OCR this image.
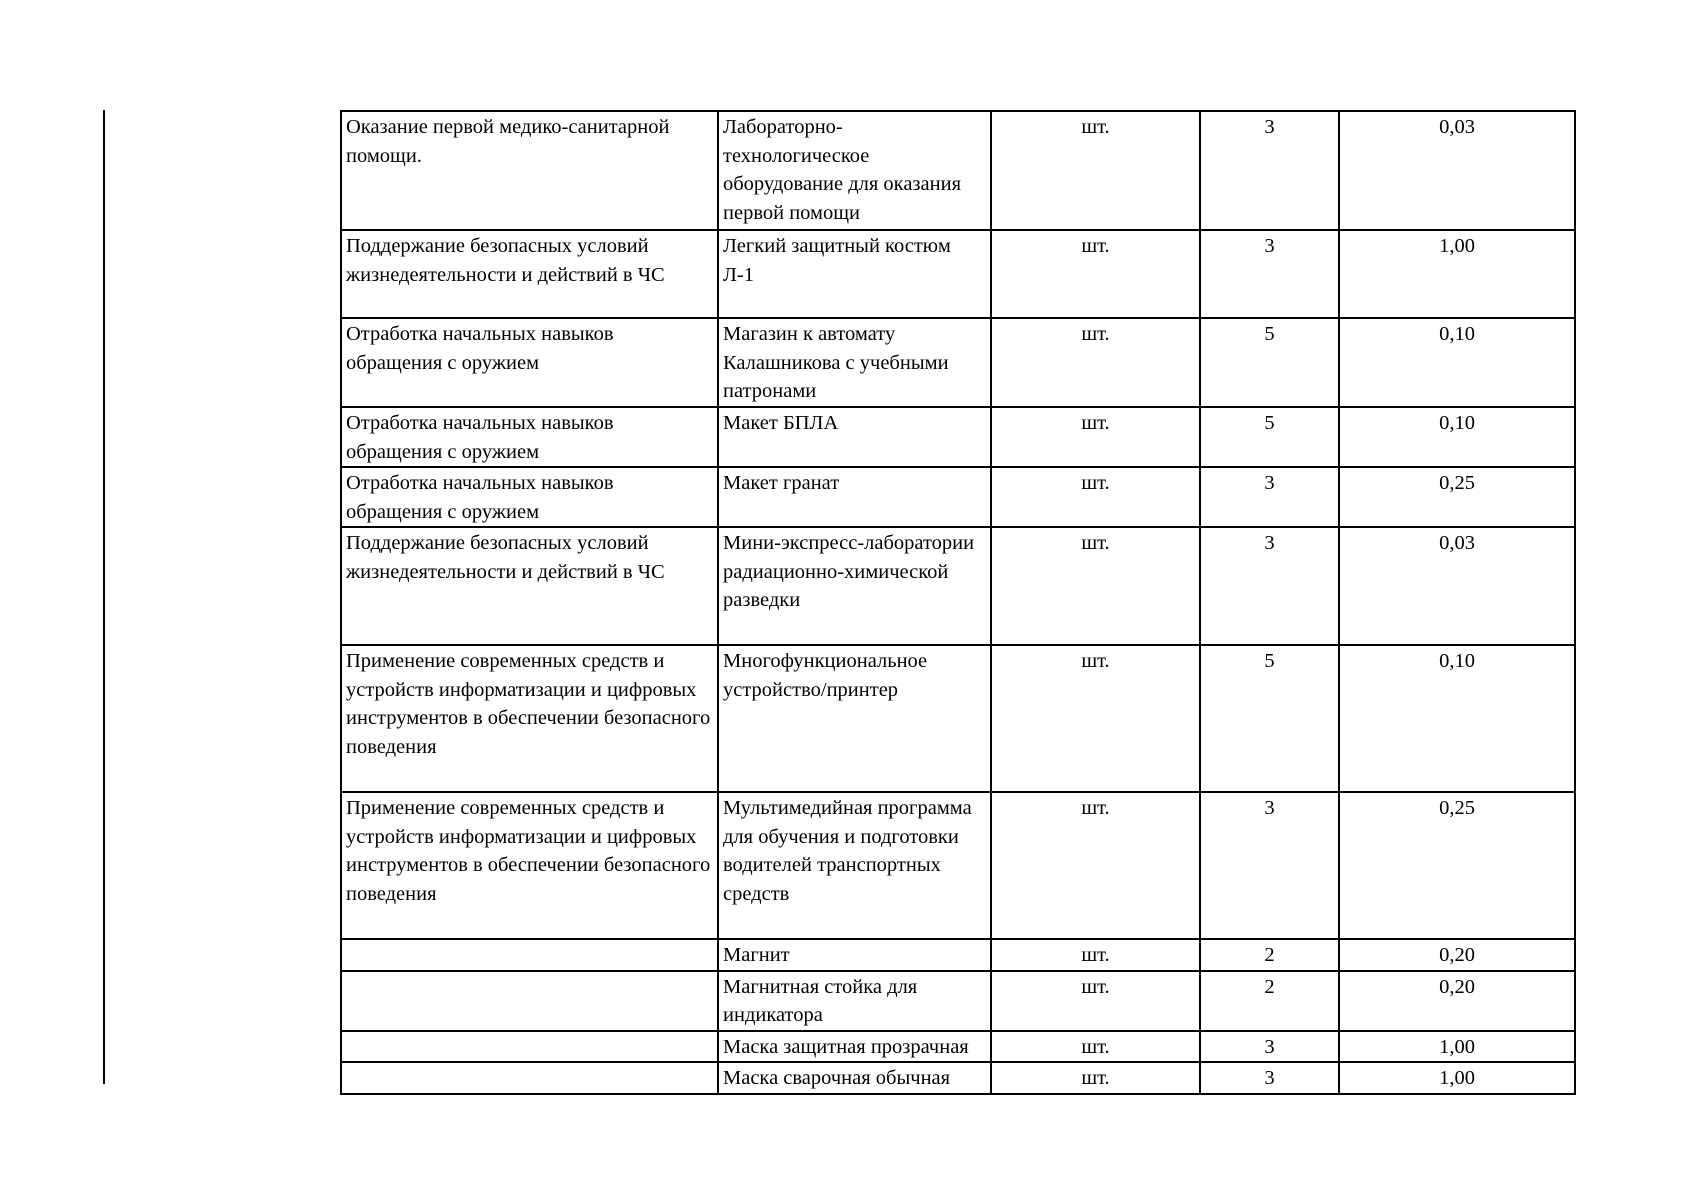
Оказание первой медико-санитарной помощи.	Лабораторно-технологическое оборудование для оказания первой помощи	шт.	3	0,03
Поддержание безопасных условий жизнедеятельности и действий в ЧС	Легкий защитный костюм Л-1	шт.	3	1,00
Отработка начальных навыков обращения с оружием	Магазин к автомату Калашникова с учебными патронами	шт.	5	0,10
Отработка начальных навыков обращения с оружием	Макет БПЛА	шт.	5	0,10
Отработка начальных навыков обращения с оружием	Макет гранат	шт.	3	0,25
Поддержание безопасных условий жизнедеятельности и действий в ЧС	Мини-экспресс-лаборатории радиационно-химической разведки	шт.	3	0,03
Применение современных средств и устройств информатизации и цифровых инструментов в обеспечении безопасного поведения	Многофункциональное устройство/принтер	шт.	5	0,10
Применение современных средств и устройств информатизации и цифровых инструментов в обеспечении безопасного поведения	Мультимедийная программа для обучения и подготовки водителей транспортных средств	шт.	3	0,25
	Магнит	шт.	2	0,20
	Магнитная стойка для индикатора	шт.	2	0,20
	Маска защитная прозрачная	шт.	3	1,00
	Маска сварочная обычная	шт.	3	1,00
